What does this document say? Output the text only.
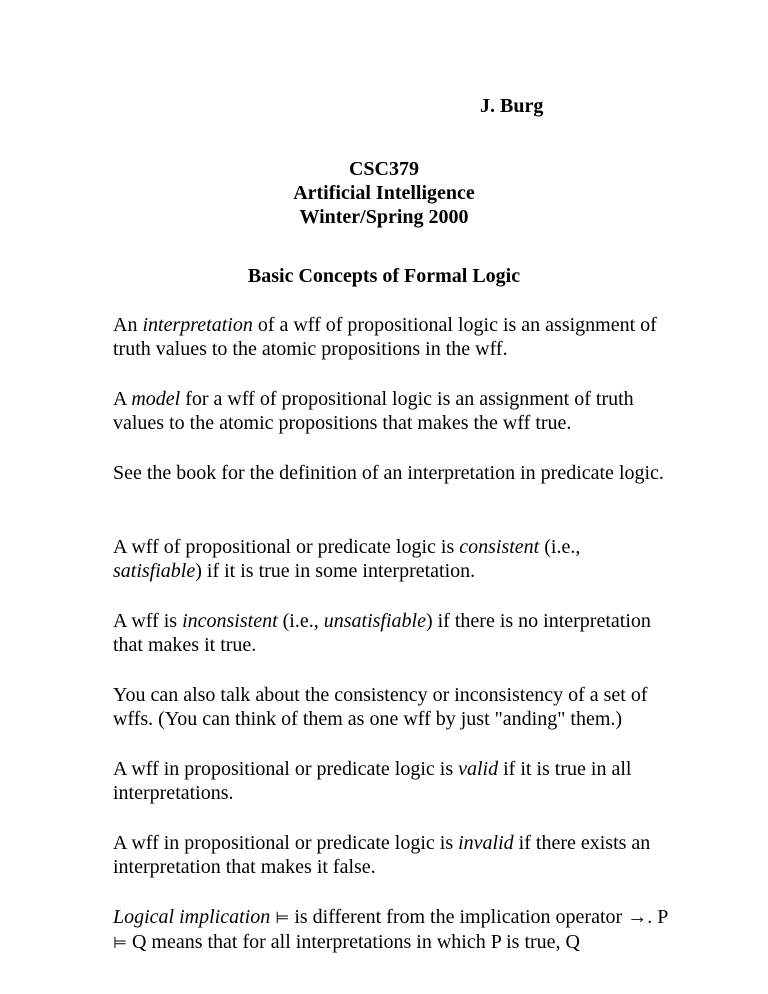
J. Burg
CSC379
Artificial Intelligence
Winter/Spring 2000
Basic Concepts of Formal Logic
An interpretation of a wff of propositional logic is an assignment of truth values to the atomic propositions in the wff.
A model for a wff of propositional logic is an assignment of truth values to the atomic propositions that makes the wff true.
See the book for the definition of an interpretation in predicate logic.
A wff of propositional or predicate logic is consistent (i.e., satisfiable) if it is true in some interpretation.
A wff is inconsistent (i.e., unsatisfiable) if there is no interpretation that makes it true.
You can also talk about the consistency or inconsistency of a set of wffs. (You can think of them as one wff by just "anding" them.)
A wff in propositional or predicate logic is valid if it is true in all interpretations.
A wff in propositional or predicate logic is invalid if there exists an interpretation that makes it false.
Logical implication ⊨ is different from the implication operator →. P ⊨ Q means that for all interpretations in which P is true, Q
